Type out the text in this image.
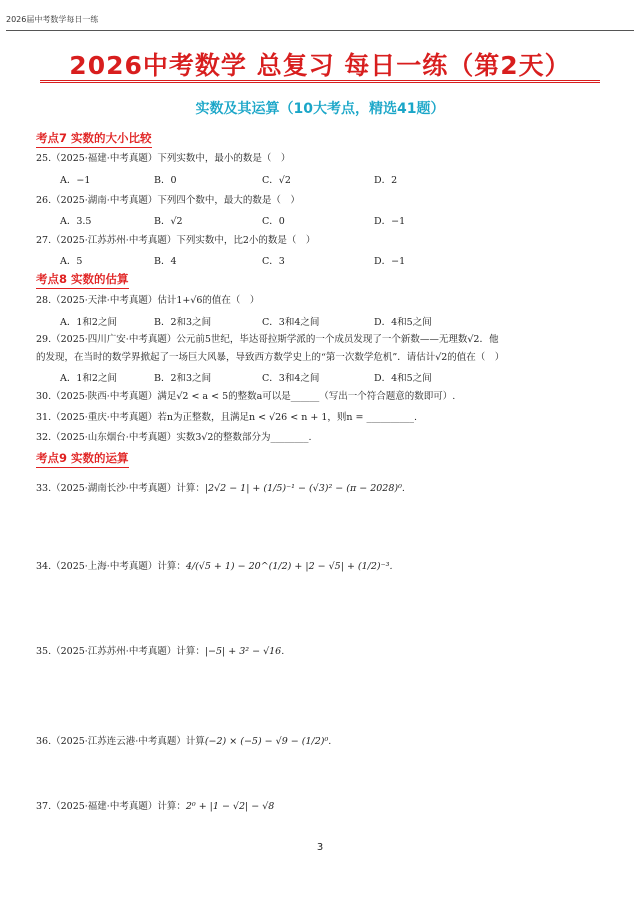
2026届中考数学每日一练
2026中考数学 总复习 每日一练（第2天）
实数及其运算（10大考点，精选41题）
考点7 实数的大小比较
25.（2025·福建·中考真题）下列实数中，最小的数是（　）
A．−1	B．0	C．√2	D．2
26.（2025·湖南·中考真题）下列四个数中，最大的数是（　）
A．3.5	B．√2	C．0	D．−1
27.（2025·江苏苏州·中考真题）下列实数中，比2小的数是（　）
A．5	B．4	C．3	D．−1
考点8 实数的估算
28.（2025·天津·中考真题）估计1+√6的值在（　）
A．1和2之间	B．2和3之间	C．3和4之间	D．4和5之间
29.（2025·四川广安·中考真题）公元前5世纪，毕达哥拉斯学派的一个成员发现了一个新数——无理数√2．他
的发现，在当时的数学界掀起了一场巨大风暴，导致西方数学史上的“第一次数学危机”．请估计√2的值在（　）
A．1和2之间	B．2和3之间	C．3和4之间	D．4和5之间
30.（2025·陕西·中考真题）满足√2 < a < 5的整数a可以是______（写出一个符合题意的数即可）.
31.（2025·重庆·中考真题）若n为正整数，且满足n < √26 < n + 1，则n = __________.
32.（2025·山东烟台·中考真题）实数3√2的整数部分为________.
考点9 实数的运算
33.（2025·湖南长沙·中考真题）计算：|2√2 − 1| + (1/5)⁻¹ − (√3)² − (π − 2028)⁰.
34.（2025·上海·中考真题）计算：4/(√5 + 1) − 20^(1/2) + |2 − √5| + (1/2)⁻³.
35.（2025·江苏苏州·中考真题）计算：|−5| + 3² − √16.
36.（2025·江苏连云港·中考真题）计算(−2) × (−5) − √9 − (1/2)⁰.
37.（2025·福建·中考真题）计算：2⁰ + |1 − √2| − √8
3
